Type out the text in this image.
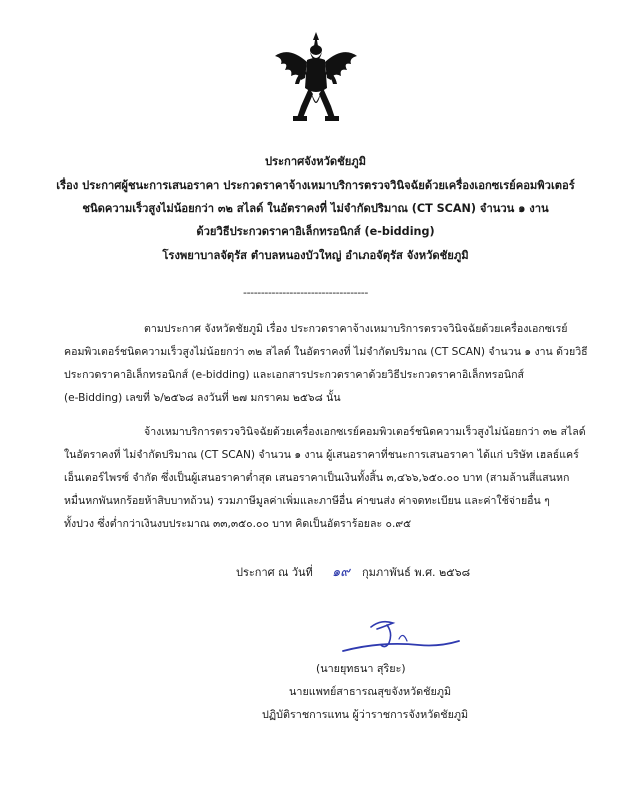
ประกาศจังหวัดชัยภูมิ
เรื่อง ประกาศผู้ชนะการเสนอราคา ประกวดราคาจ้างเหมาบริการตรวจวินิจฉัยด้วยเครื่องเอกซเรย์คอมพิวเตอร์
ชนิดความเร็วสูงไม่น้อยกว่า ๓๒ สไลด์ ในอัตราคงที่ ไม่จำกัดปริมาณ (CT SCAN) จำนวน ๑ งาน
ด้วยวิธีประกวดราคาอิเล็กทรอนิกส์ (e-bidding)
โรงพยาบาลจัตุรัส ตำบลหนองบัวใหญ่ อำเภอจัตุรัส จังหวัดชัยภูมิ
-----------------------------------
ตามประกาศ จังหวัดชัยภูมิ เรื่อง ประกวดราคาจ้างเหมาบริการตรวจวินิจฉัยด้วยเครื่องเอกซเรย์
คอมพิวเตอร์ชนิดความเร็วสูงไม่น้อยกว่า ๓๒ สไลด์ ในอัตราคงที่ ไม่จำกัดปริมาณ (CT SCAN) จำนวน ๑ งาน ด้วยวิธี
ประกวดราคาอิเล็กทรอนิกส์ (e-bidding) และเอกสารประกวดราคาด้วยวิธีประกวดราคาอิเล็กทรอนิกส์
(e-Bidding) เลขที่ ๖/๒๕๖๘ ลงวันที่ ๒๗ มกราคม ๒๕๖๘ นั้น
จ้างเหมาบริการตรวจวินิจฉัยด้วยเครื่องเอกซเรย์คอมพิวเตอร์ชนิดความเร็วสูงไม่น้อยกว่า ๓๒ สไลด์
ในอัตราคงที่ ไม่จำกัดปริมาณ (CT SCAN) จำนวน ๑ งาน ผู้เสนอราคาที่ชนะการเสนอราคา ได้แก่ บริษัท เฮลธ์แคร์
เอ็นเตอร์ไพรซ์ จำกัด ซึ่งเป็นผู้เสนอราคาต่ำสุด เสนอราคาเป็นเงินทั้งสิ้น ๓,๔๖๖,๖๕๐.๐๐ บาท (สามล้านสี่แสนหก
หมื่นหกพันหกร้อยห้าสิบบาทถ้วน) รวมภาษีมูลค่าเพิ่มและภาษีอื่น ค่าขนส่ง ค่าจดทะเบียน และค่าใช้จ่ายอื่น ๆ
ทั้งปวง ซึ่งต่ำกว่าเงินงบประมาณ ๓๓,๓๕๐.๐๐ บาท คิดเป็นอัตราร้อยละ ๐.๙๕
ประกาศ ณ วันที่ ๑๙ กุมภาพันธ์ พ.ศ. ๒๕๖๘
(นายยุทธนา สุริยะ)
นายแพทย์สาธารณสุขจังหวัดชัยภูมิ
ปฏิบัติราชการแทน ผู้ว่าราชการจังหวัดชัยภูมิ
